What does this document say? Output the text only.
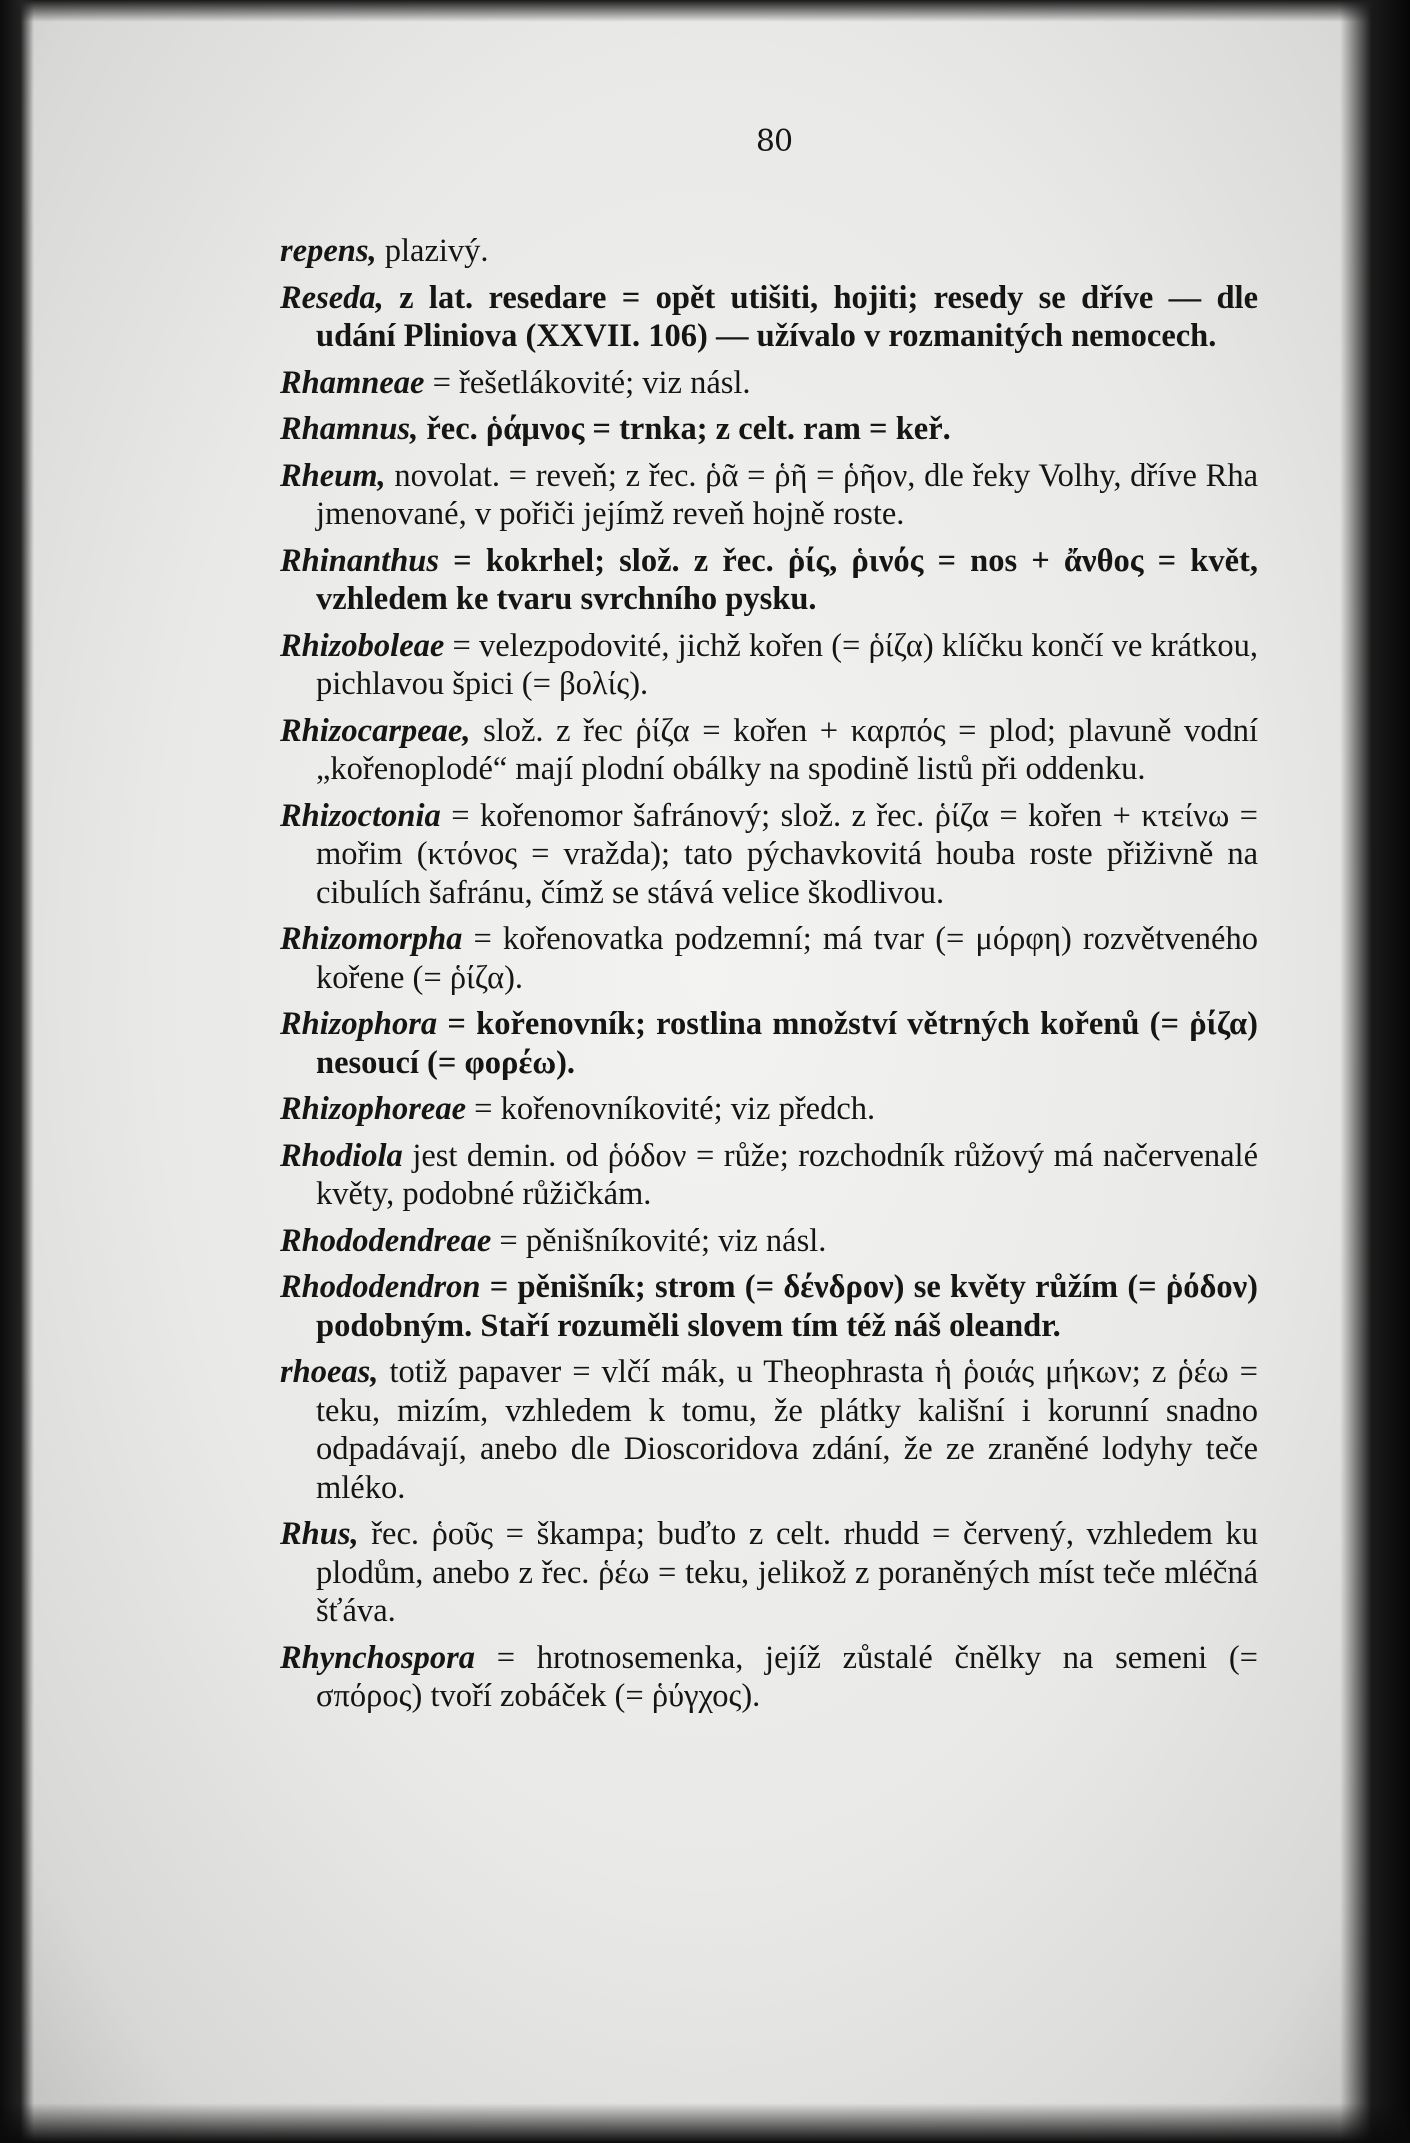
80

repens, plazivý.

Reseda, z lat. resedare = opět utišiti, hojiti; resedy se dříve — dle udání Pliniova (XXVII. 106) — užívalo v rozmanitých nemocech.

Rhamneae = řešetlákovité; viz násl.

Rhamnus, řec. ῥάμνος = trnka; z celt. ram = keř.

Rheum, novolat. = reveň; z řec. ῥᾶ = ῥῆ = ῥῆον, dle řeky Volhy, dříve Rha jmenované, v pořiči jejímž reveň hojně roste.

Rhinanthus = kokrhel; slož. z řec. ῥίς, ῥινός = nos + ἄνθος = květ, vzhledem ke tvaru svrchního pysku.

Rhizoboleae = velezpodovité, jichž kořen (= ῥίζα) klíčku končí ve krátkou, pichlavou špici (= βολίς).

Rhizocarpeae, slož. z řec ῥίζα = kořen + καρπός = plod; plavuně vodní „kořenoplodé“ mají plodní obálky na spodině listů při oddenku.

Rhizoctonia = kořenomor šafránový; slož. z řec. ῥίζα = kořen + κτείνω = mořim (κτόνος = vražda); tato pýchavkovitá houba roste přiživně na cibulích šafránu, čímž se stává velice škodlivou.

Rhizomorpha = kořenovatka podzemní; má tvar (= μόρφη) rozvětveného kořene (= ῥίζα).

Rhizophora = kořenovník; rostlina množství větrných kořenů (= ῥίζα) nesoucí (= φορέω).

Rhizophoreae = kořenovníkovité; viz předch.

Rhodiola jest demin. od ῥόδον = růže; rozchodník růžový má načervenalé květy, podobné růžičkám.

Rhododendreae = pěnišníkovité; viz násl.

Rhododendron = pěnišník; strom (= δένδρον) se květy růžím (= ῥόδον) podobným. Staří rozuměli slovem tím též náš oleandr.

rhoeas, totiž papaver = vlčí mák, u Theophrasta ἡ ῥοιάς μήκων; z ῥέω = teku, mizím, vzhledem k tomu, že plátky kališní i korunní snadno odpadávají, anebo dle Dioscoridova zdání, že ze zraněné lodyhy teče mléko.

Rhus, řec. ῥοῦς = škampa; buďto z celt. rhudd = červený, vzhledem ku plodům, anebo z řec. ῥέω = teku, jelikož z poraněných míst teče mléčná šťáva.

Rhynchospora = hrotnosemenka, jejíž zůstalé čnělky na semeni (= σπόρος) tvoří zobáček (= ῥύγχος).
